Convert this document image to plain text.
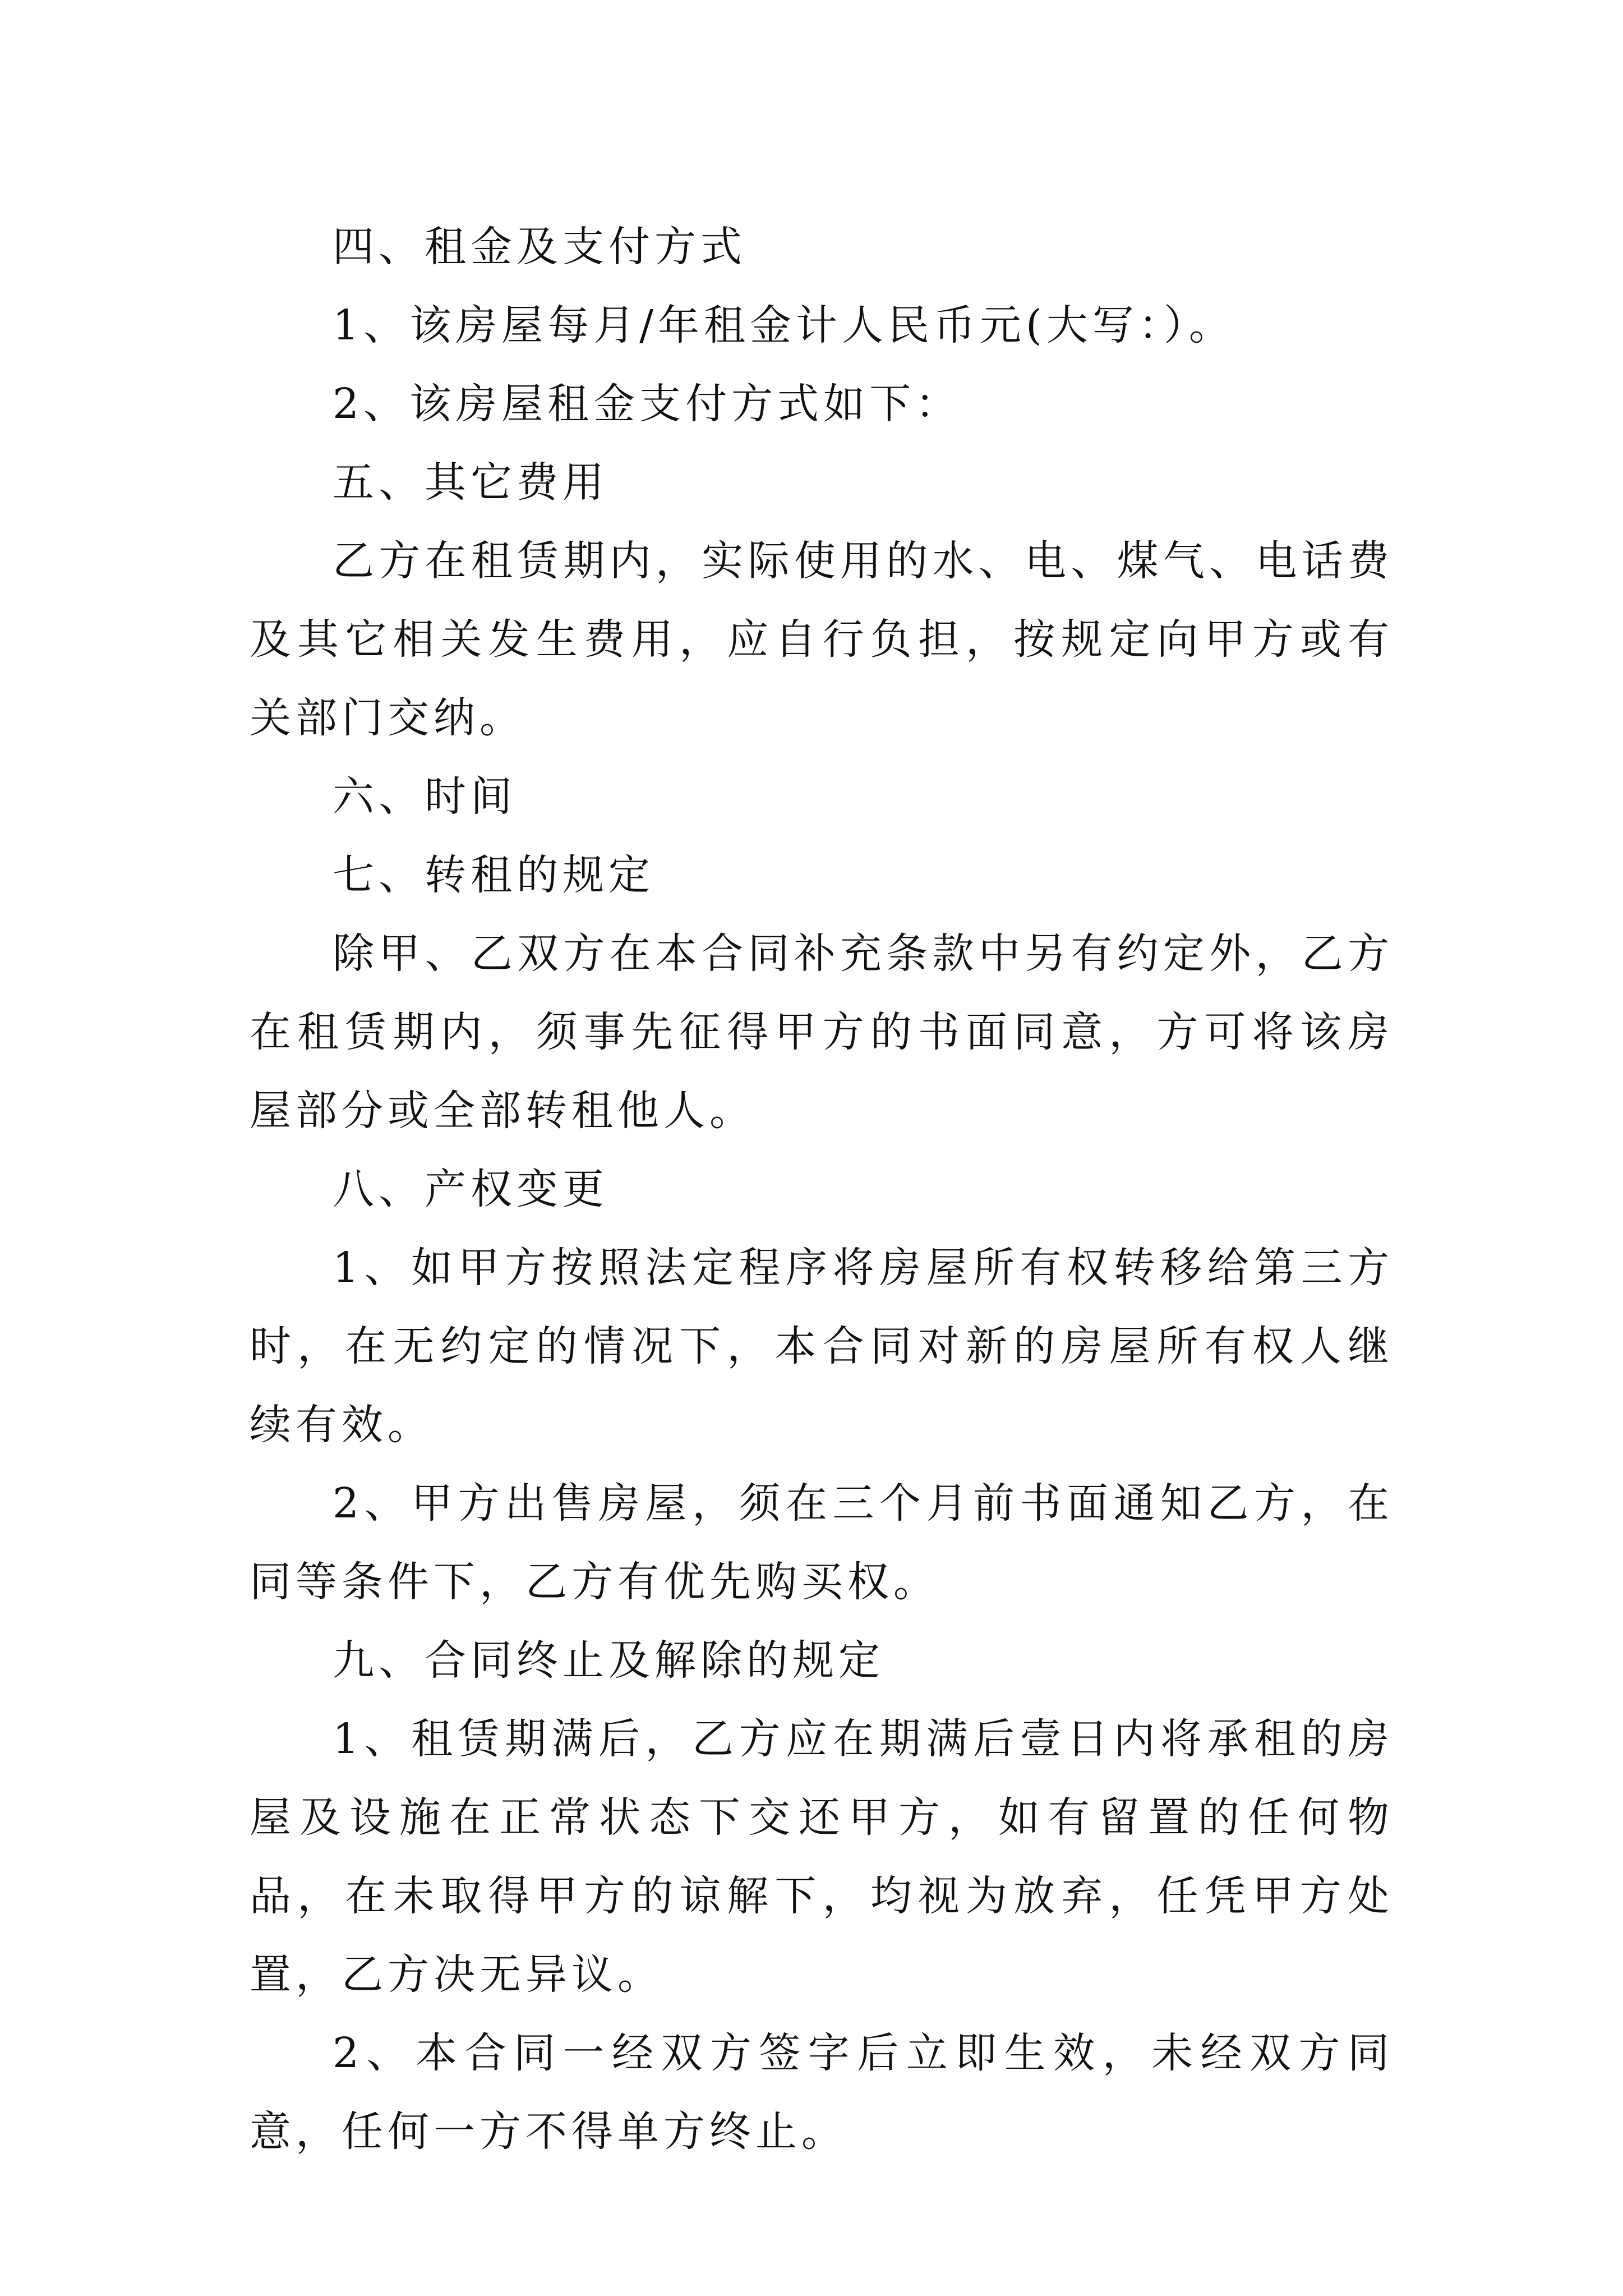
四、租金及支付方式

1、该房屋每月/年租金计人民币元(大写：）。

2、该房屋租金支付方式如下：

五、其它费用

乙方在租赁期内，实际使用的水、电、煤气、电话费及其它相关发生费用，应自行负担，按规定向甲方或有关部门交纳。

六、时间

七、转租的规定

除甲、乙双方在本合同补充条款中另有约定外，乙方在租赁期内，须事先征得甲方的书面同意，方可将该房屋部分或全部转租他人。

八、产权变更

1、如甲方按照法定程序将房屋所有权转移给第三方时，在无约定的情况下，本合同对新的房屋所有权人继续有效。

2、甲方出售房屋，须在三个月前书面通知乙方，在同等条件下，乙方有优先购买权。

九、合同终止及解除的规定

1、租赁期满后，乙方应在期满后壹日内将承租的房屋及设施在正常状态下交还甲方，如有留置的任何物品，在未取得甲方的谅解下，均视为放弃，任凭甲方处置，乙方决无异议。

2、本合同一经双方签字后立即生效，未经双方同意，任何一方不得单方终止。
